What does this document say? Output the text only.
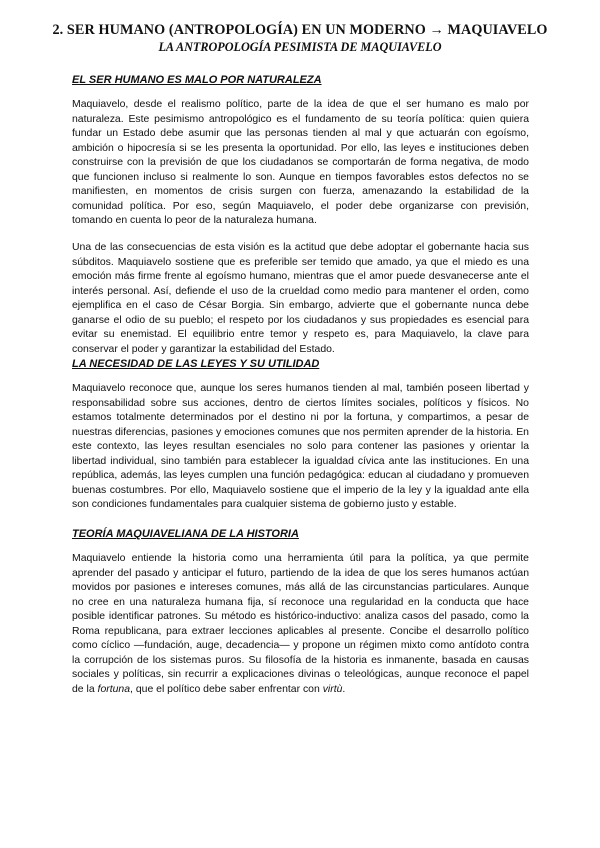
2. SER HUMANO (ANTROPOLOGÍA) EN UN MODERNO → MAQUIAVELO
LA ANTROPOLOGÍA PESIMISTA DE MAQUIAVELO
EL SER HUMANO ES MALO POR NATURALEZA

Maquiavelo, desde el realismo político, parte de la idea de que el ser humano es malo por naturaleza. Este pesimismo antropológico es el fundamento de su teoría política: quien quiera fundar un Estado debe asumir que las personas tienden al mal y que actuarán con egoísmo, ambición o hipocresía si se les presenta la oportunidad. Por ello, las leyes e instituciones deben construirse con la previsión de que los ciudadanos se comportarán de forma negativa, de modo que funcionen incluso si realmente lo son. Aunque en tiempos favorables estos defectos no se manifiesten, en momentos de crisis surgen con fuerza, amenazando la estabilidad de la comunidad política. Por eso, según Maquiavelo, el poder debe organizarse con previsión, tomando en cuenta lo peor de la naturaleza humana.

Una de las consecuencias de esta visión es la actitud que debe adoptar el gobernante hacia sus súbditos. Maquiavelo sostiene que es preferible ser temido que amado, ya que el miedo es una emoción más firme frente al egoísmo humano, mientras que el amor puede desvanecerse ante el interés personal. Así, defiende el uso de la crueldad como medio para mantener el orden, como ejemplifica en el caso de César Borgia. Sin embargo, advierte que el gobernante nunca debe ganarse el odio de su pueblo; el respeto por los ciudadanos y sus propiedades es esencial para evitar su enemistad. El equilibrio entre temor y respeto es, para Maquiavelo, la clave para conservar el poder y garantizar la estabilidad del Estado.

LA NECESIDAD DE LAS LEYES Y SU UTILIDAD

Maquiavelo reconoce que, aunque los seres humanos tienden al mal, también poseen libertad y responsabilidad sobre sus acciones, dentro de ciertos límites sociales, políticos y físicos. No estamos totalmente determinados por el destino ni por la fortuna, y compartimos, a pesar de nuestras diferencias, pasiones y emociones comunes que nos permiten aprender de la historia. En este contexto, las leyes resultan esenciales no solo para contener las pasiones y orientar la libertad individual, sino también para establecer la igualdad cívica ante las instituciones. En una república, además, las leyes cumplen una función pedagógica: educan al ciudadano y promueven buenas costumbres. Por ello, Maquiavelo sostiene que el imperio de la ley y la igualdad ante ella son condiciones fundamentales para cualquier sistema de gobierno justo y estable.

TEORÍA MAQUIAVELIANA DE LA HISTORIA

Maquiavelo entiende la historia como una herramienta útil para la política, ya que permite aprender del pasado y anticipar el futuro, partiendo de la idea de que los seres humanos actúan movidos por pasiones e intereses comunes, más allá de las circunstancias particulares. Aunque no cree en una naturaleza humana fija, sí reconoce una regularidad en la conducta que hace posible identificar patrones. Su método es histórico-inductivo: analiza casos del pasado, como la Roma republicana, para extraer lecciones aplicables al presente. Concibe el desarrollo político como cíclico —fundación, auge, decadencia— y propone un régimen mixto como antídoto contra la corrupción de los sistemas puros. Su filosofía de la historia es inmanente, basada en causas sociales y políticas, sin recurrir a explicaciones divinas o teleológicas, aunque reconoce el papel de la fortuna, que el político debe saber enfrentar con virtù.
